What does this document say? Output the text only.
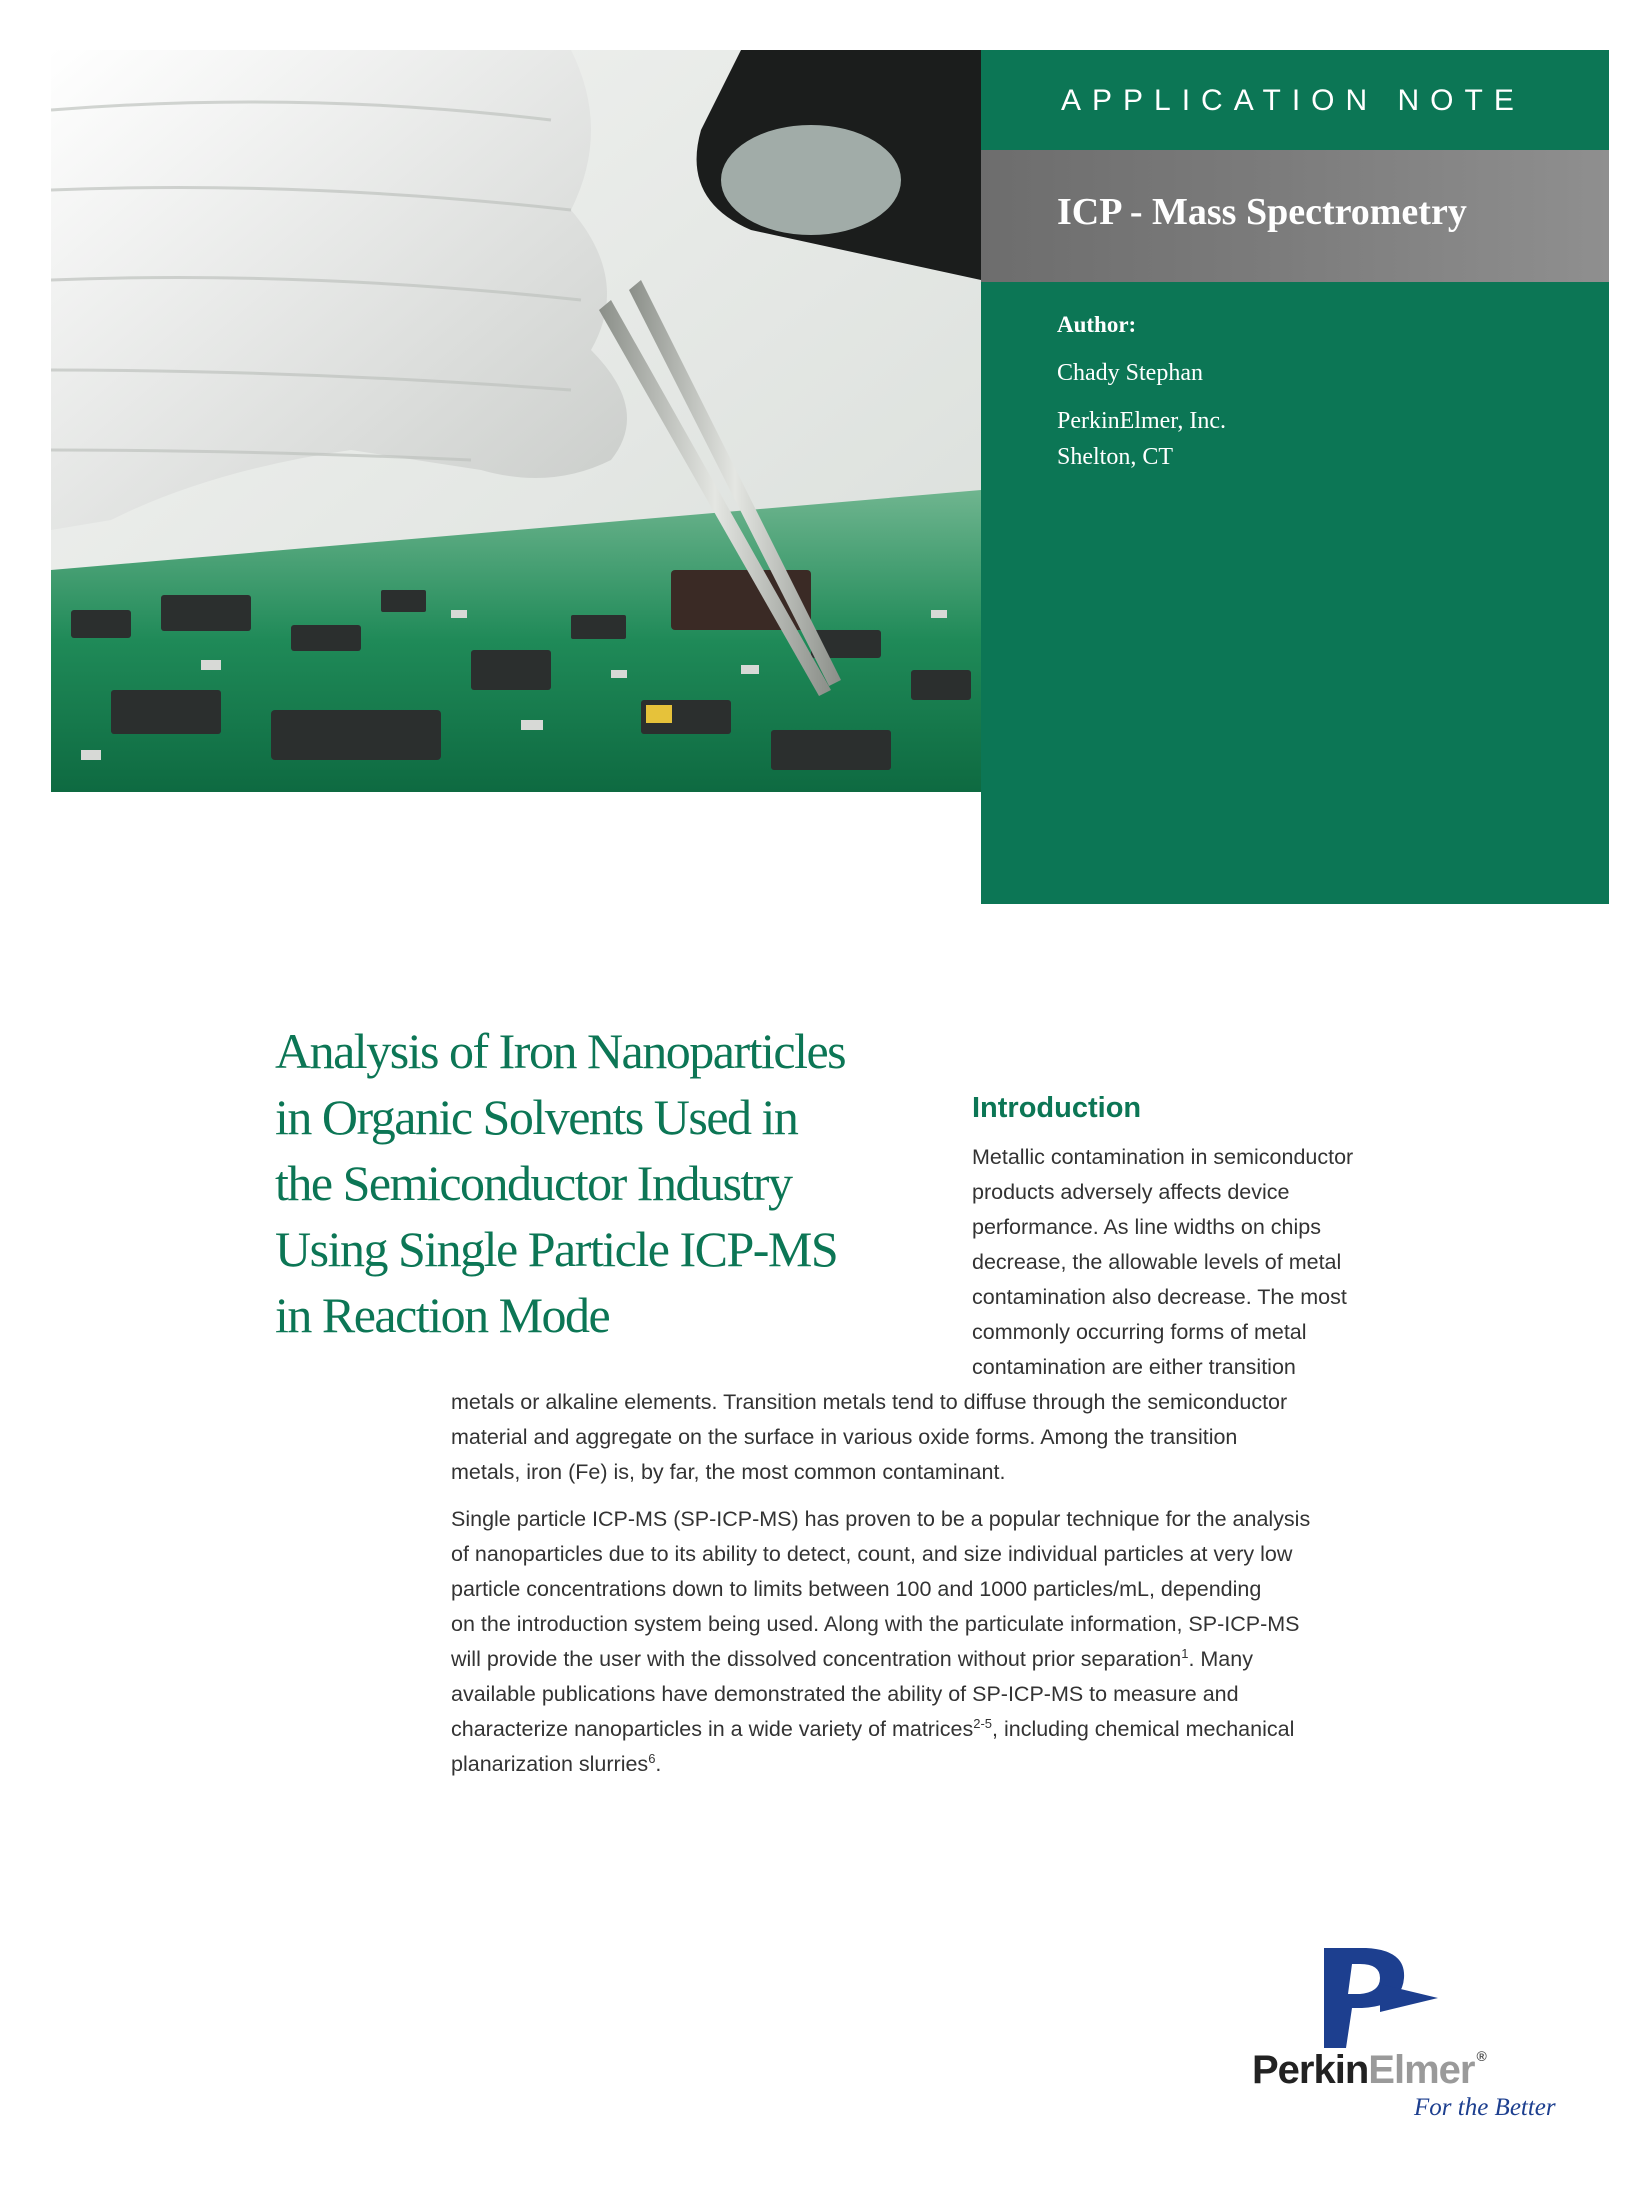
APPLICATION NOTE
ICP - Mass Spectrometry
Author:
Chady Stephan
PerkinElmer, Inc.
Shelton, CT
Analysis of Iron Nanoparticles
in Organic Solvents Used in
the Semiconductor Industry
Using Single Particle ICP-MS
in Reaction Mode
Introduction
Metallic contamination in semiconductor
products adversely affects device
performance. As line widths on chips
decrease, the allowable levels of metal
contamination also decrease. The most
commonly occurring forms of metal
contamination are either transition
metals or alkaline elements. Transition metals tend to diffuse through the semiconductor
material and aggregate on the surface in various oxide forms. Among the transition
metals, iron (Fe) is, by far, the most common contaminant.
Single particle ICP-MS (SP-ICP-MS) has proven to be a popular technique for the analysis
of nanoparticles due to its ability to detect, count, and size individual particles at very low
particle concentrations down to limits between 100 and 1000 particles/mL, depending
on the introduction system being used. Along with the particulate information, SP-ICP-MS
will provide the user with the dissolved concentration without prior separation$^1$. Many
available publications have demonstrated the ability of SP-ICP-MS to measure and
characterize nanoparticles in a wide variety of matrices$^{2-5}$, including chemical mechanical
planarization slurries$^6$.
PerkinElmer ®
For the Better
